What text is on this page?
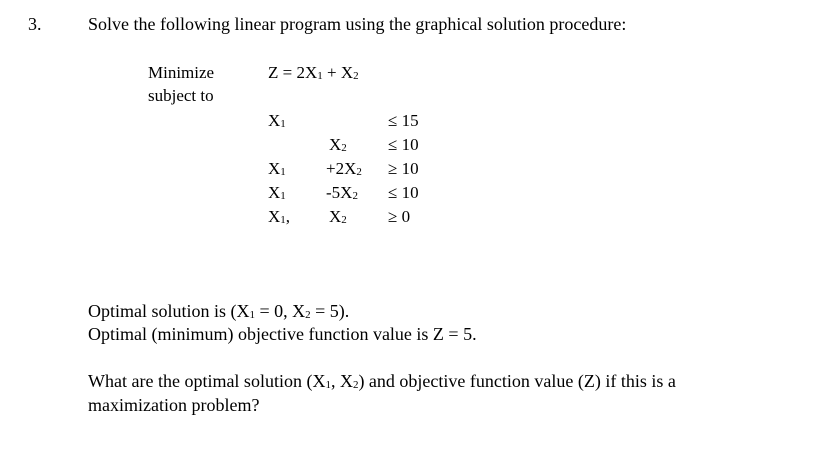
3.	Solve the following linear program using the graphical solution procedure:
Minimize
subject to
$Z = 2X_1 + X_2$
$X_1$	≤ 15
$X_2 \le 10$
$X_1 +2X_2 \ge 10$
$X_1$ $-5X_2 \le 10$
$X_1$, $X_2 \ge 0$
Optimal solution is ($X_1 = 0$, $X_2 = 5$).
Optimal (minimum) objective function value is Z = 5.
What are the optimal solution ($X_1$, $X_2$) and objective function value (Z) if this is a
maximization problem?
